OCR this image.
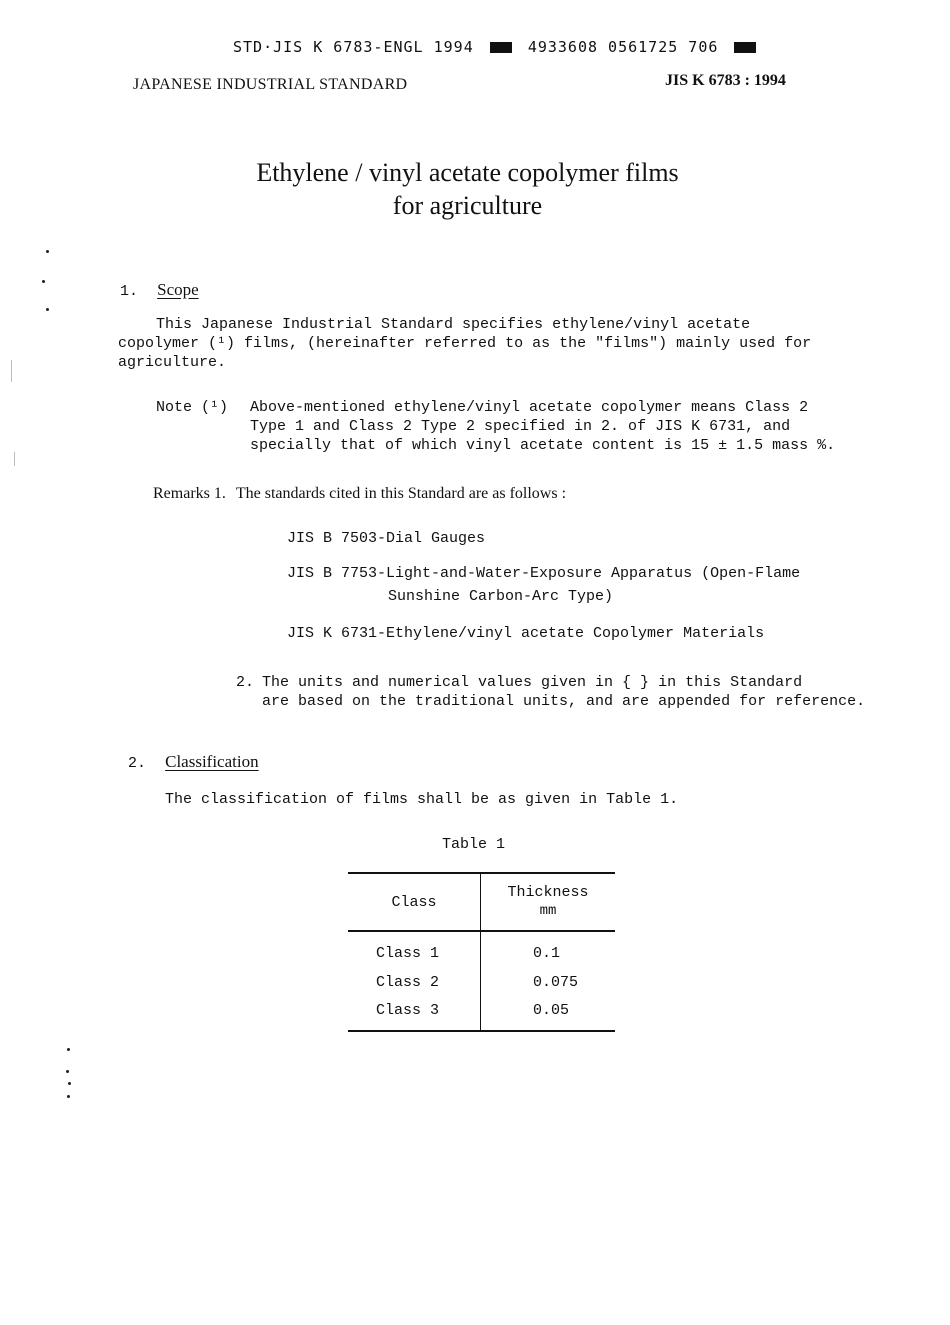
STD·JIS K 6783-ENGL 1994	4933608 0561725 706
JAPANESE INDUSTRIAL STANDARD	JIS K 6783 : 1994
Ethylene / vinyl acetate copolymer films
for agriculture
1. Scope
This Japanese Industrial Standard specifies ethylene/vinyl acetate
copolymer (¹) films, (hereinafter referred to as the "films") mainly used for
agriculture.
Note (¹) Above-mentioned ethylene/vinyl acetate copolymer means Class 2
Type 1 and Class 2 Type 2 specified in 2. of JIS K 6731, and
specially that of which vinyl acetate content is 15 ± 1.5 mass %.
Remarks 1. The standards cited in this Standard are as follows :
JIS B 7503-Dial Gauges
JIS B 7753-Light-and-Water-Exposure Apparatus (Open-Flame
Sunshine Carbon-Arc Type)
JIS K 6731-Ethylene/vinyl acetate Copolymer Materials
2. The units and numerical values given in { } in this Standard
are based on the traditional units, and are appended for reference.
2. Classification
The classification of films shall be as given in Table 1.
Table 1
Class	Thickness
mm

Class 1	0.1
Class 2	0.075
Class 3	0.05
